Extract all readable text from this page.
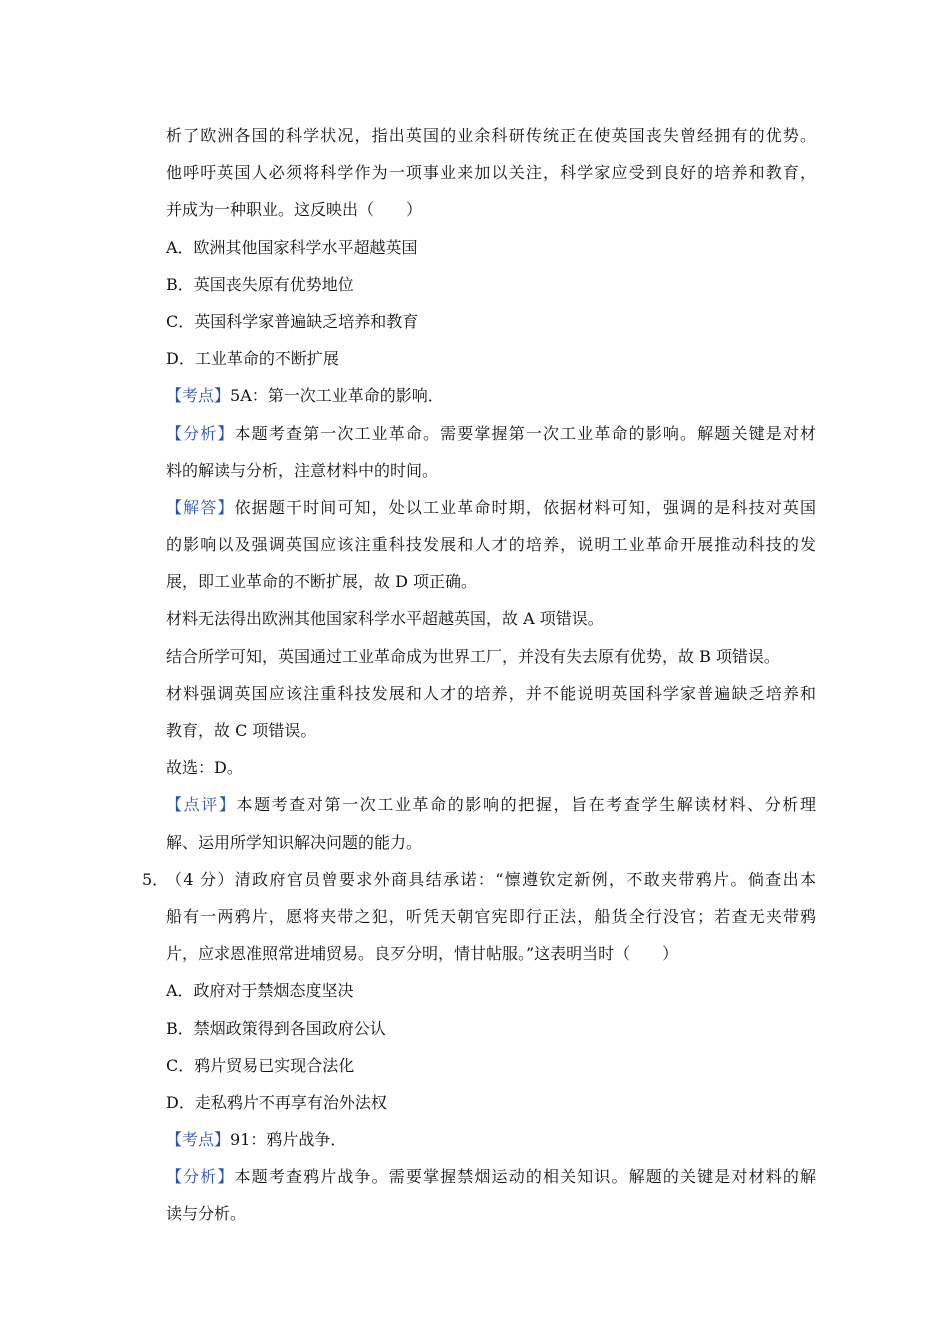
析了欧洲各国的科学状况，指出英国的业余科研传统正在使英国丧失曾经拥有的优势。
他呼吁英国人必须将科学作为一项事业来加以关注，科学家应受到良好的培养和教育，
并成为一种职业。这反映出（　　）
A．欧洲其他国家科学水平超越英国
B．英国丧失原有优势地位
C．英国科学家普遍缺乏培养和教育
D．工业革命的不断扩展
【考点】5A：第一次工业革命的影响．
【分析】本题考查第一次工业革命。需要掌握第一次工业革命的影响。解题关键是对材
料的解读与分析，注意材料中的时间。
【解答】依据题干时间可知，处以工业革命时期，依据材料可知，强调的是科技对英国
的影响以及强调英国应该注重科技发展和人才的培养，说明工业革命开展推动科技的发
展，即工业革命的不断扩展，故 D 项正确。
材料无法得出欧洲其他国家科学水平超越英国，故 A 项错误。
结合所学可知，英国通过工业革命成为世界工厂，并没有失去原有优势，故 B 项错误。
材料强调英国应该注重科技发展和人才的培养，并不能说明英国科学家普遍缺乏培养和
教育，故 C 项错误。
故选：D。
【点评】本题考查对第一次工业革命的影响的把握，旨在考查学生解读材料、分析理
解、运用所学知识解决问题的能力。
5．
（4 分）清政府官员曾要求外商具结承诺：“懔遵钦定新例，不敢夹带鸦片。倘查出本
船有一两鸦片，愿将夹带之犯，听凭天朝官宪即行正法，船货全行没官；若查无夹带鸦
片，应求恩准照常进埔贸易。良歹分明，情甘帖服。”这表明当时（　　）
A．政府对于禁烟态度坚决
B．禁烟政策得到各国政府公认
C．鸦片贸易已实现合法化
D．走私鸦片不再享有治外法权
【考点】91：鸦片战争．
【分析】本题考查鸦片战争。需要掌握禁烟运动的相关知识。解题的关键是对材料的解
读与分析。
